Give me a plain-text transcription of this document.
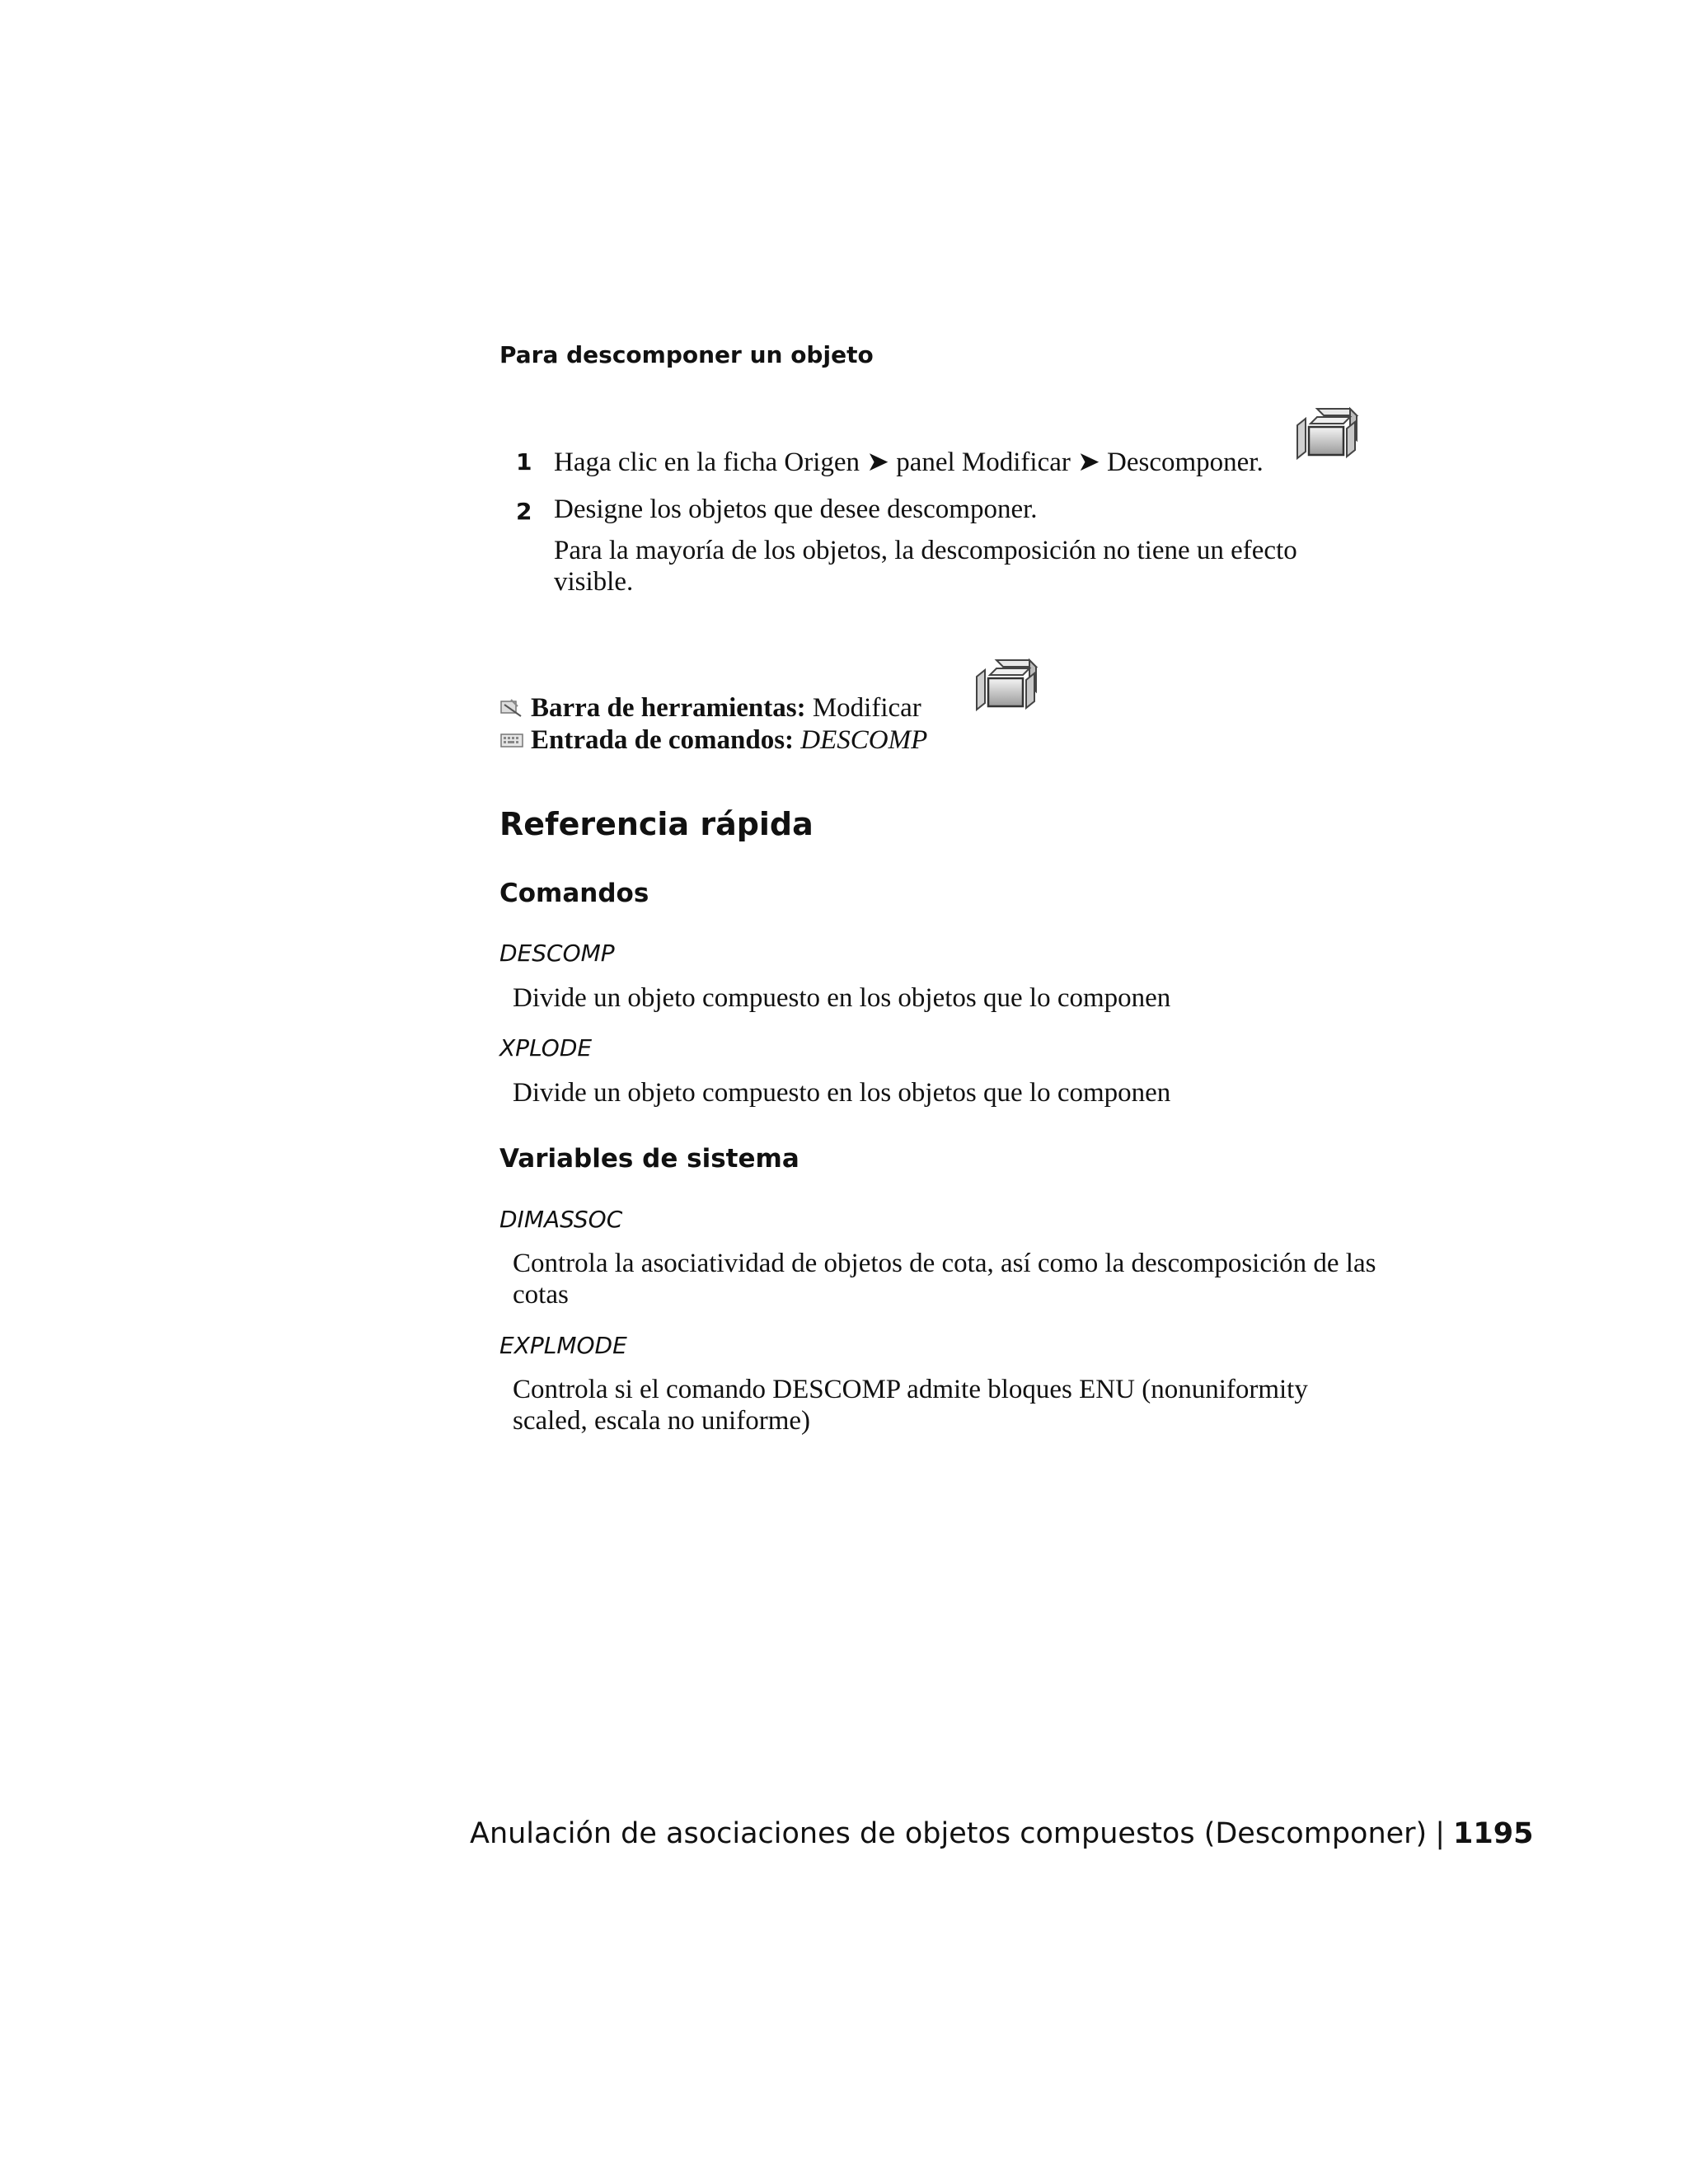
Para descomponer un objeto
1 Haga clic en la ficha Origen ➤ panel Modificar ➤ Descomponer.
2 Designe los objetos que desee descomponer.
Para la mayoría de los objetos, la descomposición no tiene un efecto visible.
Barra de herramientas: Modificar
Entrada de comandos: DESCOMP
Referencia rápida
Comandos
DESCOMP
Divide un objeto compuesto en los objetos que lo componen
XPLODE
Divide un objeto compuesto en los objetos que lo componen
Variables de sistema
DIMASSOC
Controla la asociatividad de objetos de cota, así como la descomposición de las cotas
EXPLMODE
Controla si el comando DESCOMP admite bloques ENU (nonuniformity scaled, escala no uniforme)
Anulación de asociaciones de objetos compuestos (Descomponer) | 1195
